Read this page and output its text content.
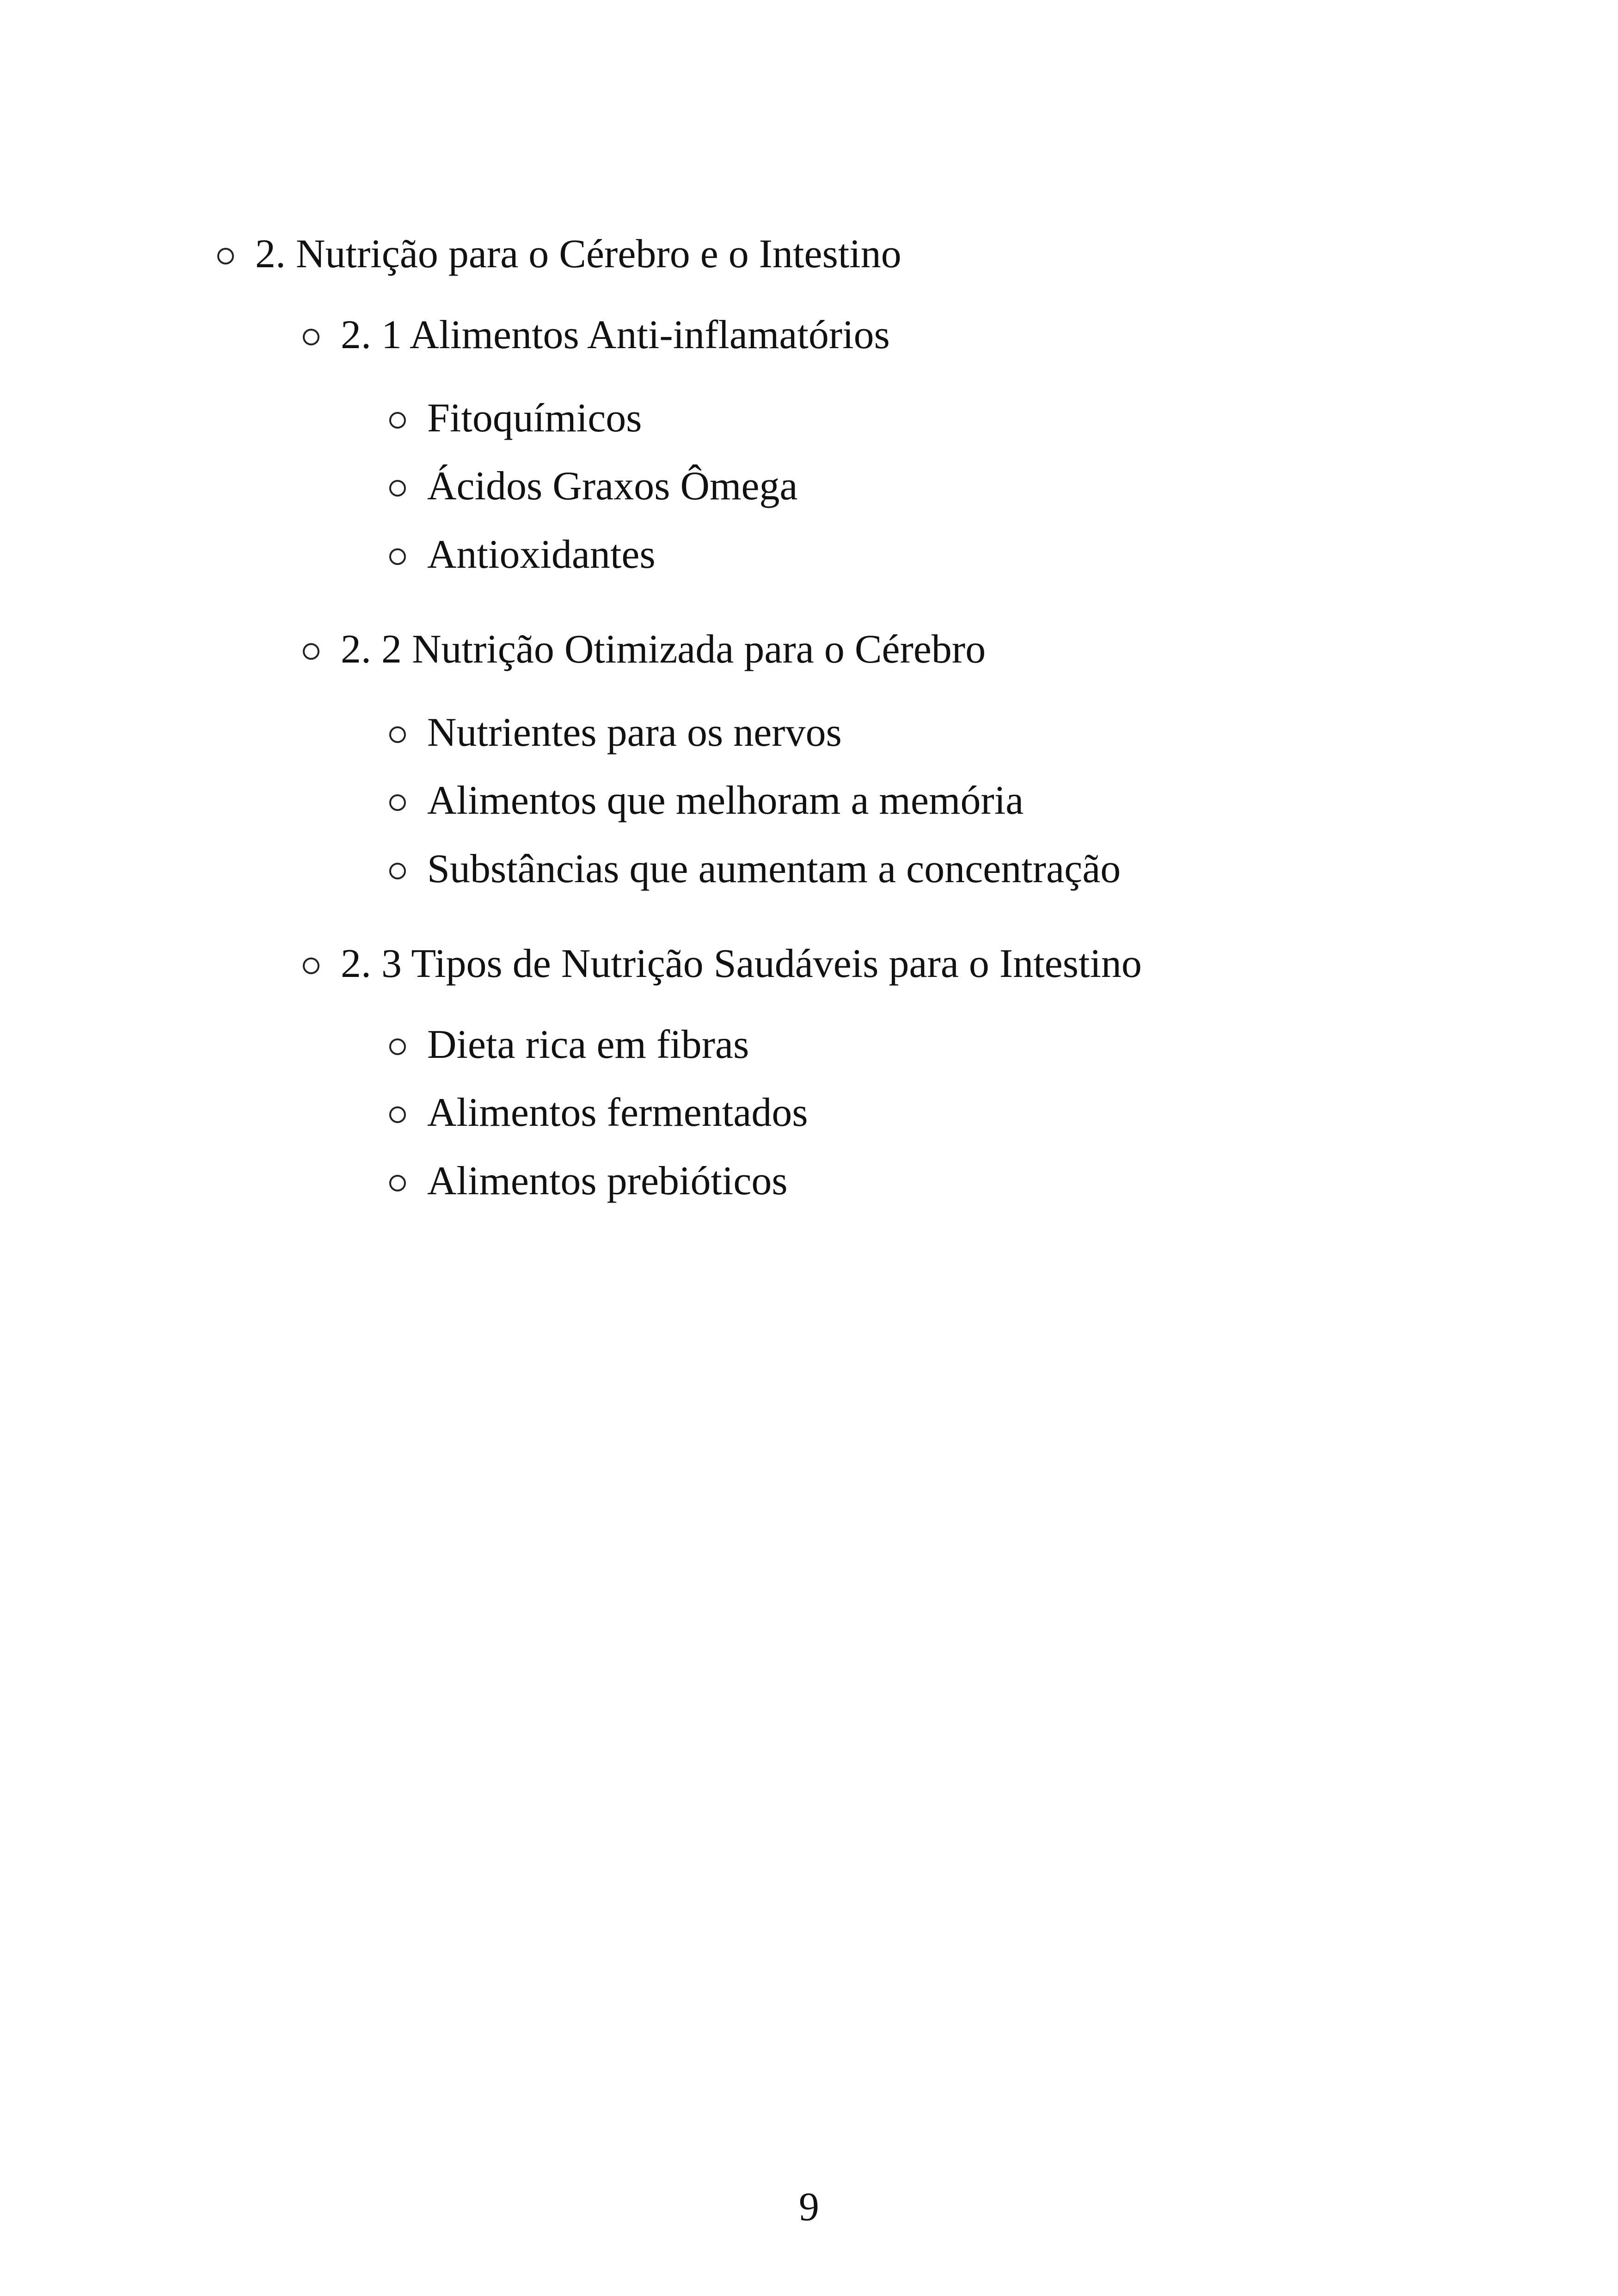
2. Nutrição para o Cérebro e o Intestino
2. 1 Alimentos Anti-inflamatórios
Fitoquímicos
Ácidos Graxos Ômega
Antioxidantes
2. 2 Nutrição Otimizada para o Cérebro
Nutrientes para os nervos
Alimentos que melhoram a memória
Substâncias que aumentam a concentração
2. 3 Tipos de Nutrição Saudáveis para o Intestino
Dieta rica em fibras
Alimentos fermentados
Alimentos prebióticos
9
